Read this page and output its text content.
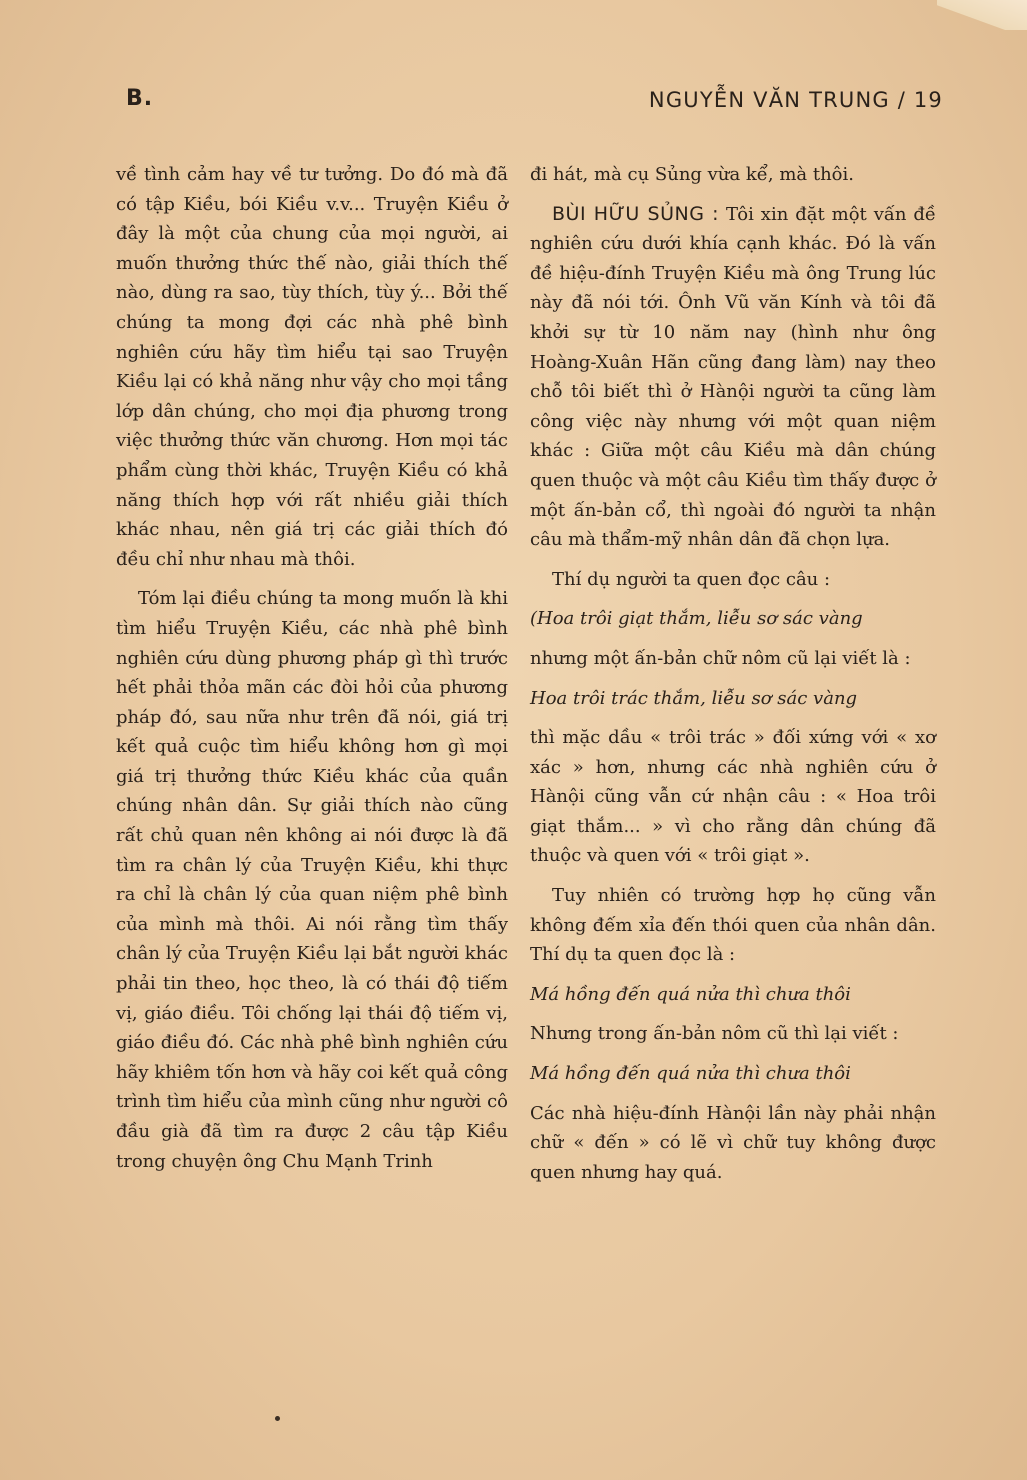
B.	NGUYỄN VĂN TRUNG / 19

về tình cảm hay về tư tưởng. Do đó mà đã có tập Kiều, bói Kiều v.v... Truyện Kiều ở đây là một của chung của mọi người, ai muốn thưởng thức thế nào, giải thích thế nào, dùng ra sao, tùy thích, tùy ý... Bởi thế chúng ta mong đợi các nhà phê bình nghiên cứu hãy tìm hiểu tại sao Truyện Kiều lại có khả năng như vậy cho mọi tầng lớp dân chúng, cho mọi địa phương trong việc thưởng thức văn chương. Hơn mọi tác phẩm cùng thời khác, Truyện Kiều có khả năng thích hợp với rất nhiều giải thích khác nhau, nên giá trị các giải thích đó đều chỉ như nhau mà thôi.

Tóm lại điều chúng ta mong muốn là khi tìm hiểu Truyện Kiều, các nhà phê bình nghiên cứu dùng phương pháp gì thì trước hết phải thỏa mãn các đòi hỏi của phương pháp đó, sau nữa như trên đã nói, giá trị kết quả cuộc tìm hiểu không hơn gì mọi giá trị thưởng thức Kiều khác của quần chúng nhân dân. Sự giải thích nào cũng rất chủ quan nên không ai nói được là đã tìm ra chân lý của Truyện Kiều, khi thực ra chỉ là chân lý của quan niệm phê bình của mình mà thôi. Ai nói rằng tìm thấy chân lý của Truyện Kiều lại bắt người khác phải tin theo, học theo, là có thái độ tiếm vị, giáo điều. Tôi chống lại thái độ tiếm vị, giáo điều đó. Các nhà phê bình nghiên cứu hãy khiêm tốn hơn và hãy coi kết quả công trình tìm hiểu của mình cũng như người cô đầu già đã tìm ra được 2 câu tập Kiều trong chuyện ông Chu Mạnh Trinh

đi hát, mà cụ Sủng vừa kể, mà thôi.

BÙI HỮU SỦNG : Tôi xin đặt một vấn đề nghiên cứu dưới khía cạnh khác. Đó là vấn đề hiệu-đính Truyện Kiều mà ông Trung lúc này đã nói tới. Ônh Vũ văn Kính và tôi đã khởi sự từ 10 năm nay (hình như ông Hoàng-Xuân Hãn cũng đang làm) nay theo chỗ tôi biết thì ở Hànội người ta cũng làm công việc này nhưng với một quan niệm khác : Giữa một câu Kiều mà dân chúng quen thuộc và một câu Kiều tìm thấy được ở một ấn-bản cổ, thì ngoài đó người ta nhận câu mà thẩm-mỹ nhân dân đã chọn lựa.

Thí dụ người ta quen đọc câu :

(Hoa trôi giạt thắm, liễu sơ sác vàng

nhưng một ấn-bản chữ nôm cũ lại viết là :

Hoa trôi trác thắm, liễu sơ sác vàng

thì mặc dầu « trôi trác » đối xứng với « xơ xác » hơn, nhưng các nhà nghiên cứu ở Hànội cũng vẫn cứ nhận câu : « Hoa trôi giạt thắm... » vì cho rằng dân chúng đã thuộc và quen với « trôi giạt ».

Tuy nhiên có trường hợp họ cũng vẫn không đếm xỉa đến thói quen của nhân dân. Thí dụ ta quen đọc là :

Má hồng đến quá nửa thì chưa thôi

Nhưng trong ấn-bản nôm cũ thì lại viết :

Má hồng đến quá nửa thì chưa thôi

Các nhà hiệu-đính Hànội lần này phải nhận chữ « đến » có lẽ vì chữ tuy không được quen nhưng hay quá.
